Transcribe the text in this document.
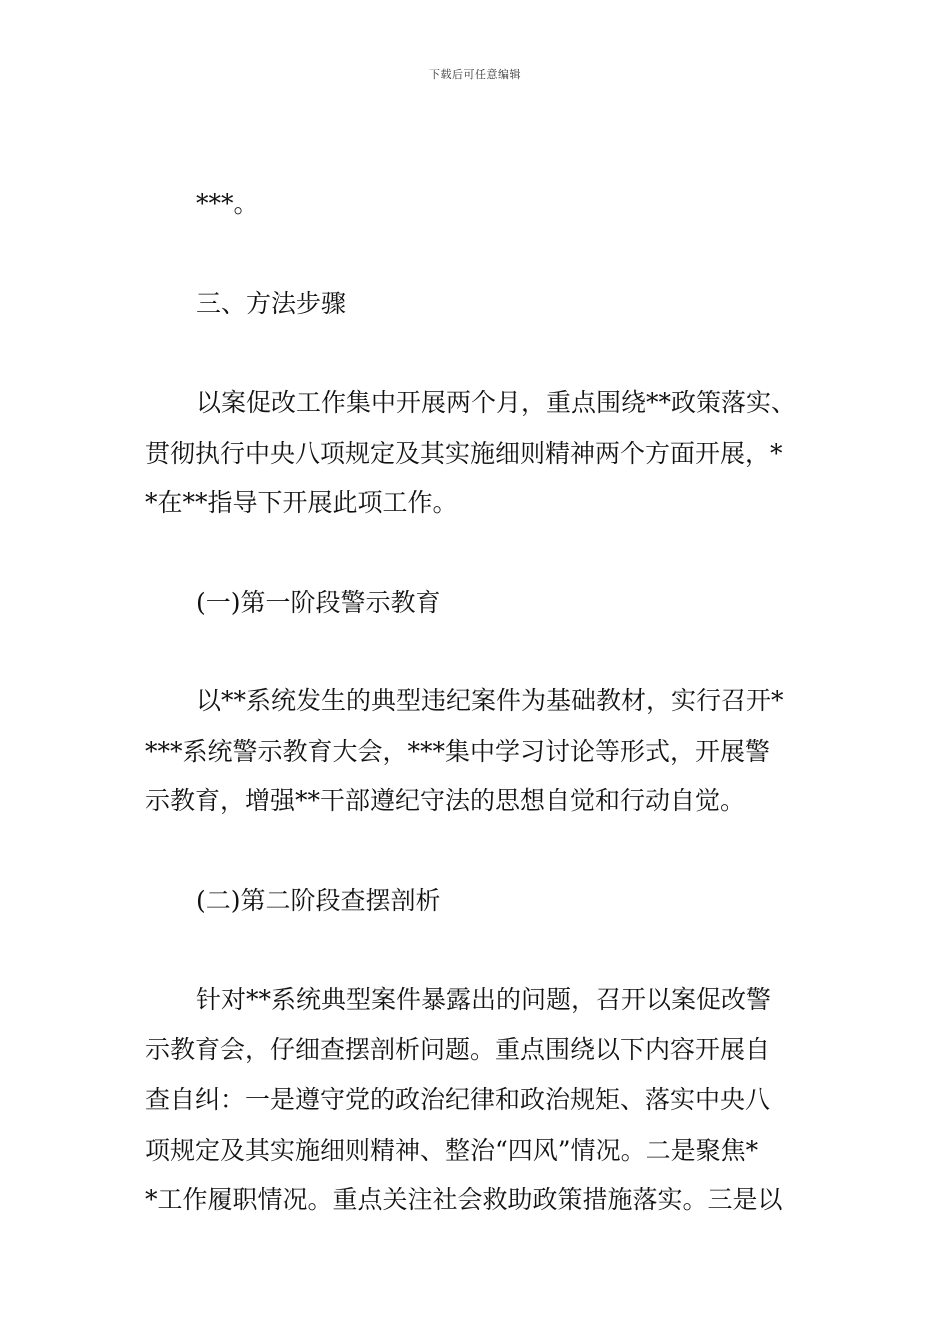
下载后可任意编辑
***。
三、方法步骤
以案促改工作集中开展两个月，重点围绕**政策落实、
贯彻执行中央八项规定及其实施细则精神两个方面开展，*
*在**指导下开展此项工作。
(一)第一阶段警示教育
以**系统发生的典型违纪案件为基础教材，实行召开*
***系统警示教育大会，***集中学习讨论等形式，开展警
示教育，增强**干部遵纪守法的思想自觉和行动自觉。
(二)第二阶段查摆剖析
针对**系统典型案件暴露出的问题，召开以案促改警
示教育会，仔细查摆剖析问题。重点围绕以下内容开展自
查自纠：一是遵守党的政治纪律和政治规矩、落实中央八
项规定及其实施细则精神、整治“四风”情况。二是聚焦*
*工作履职情况。重点关注社会救助政策措施落实。三是以
